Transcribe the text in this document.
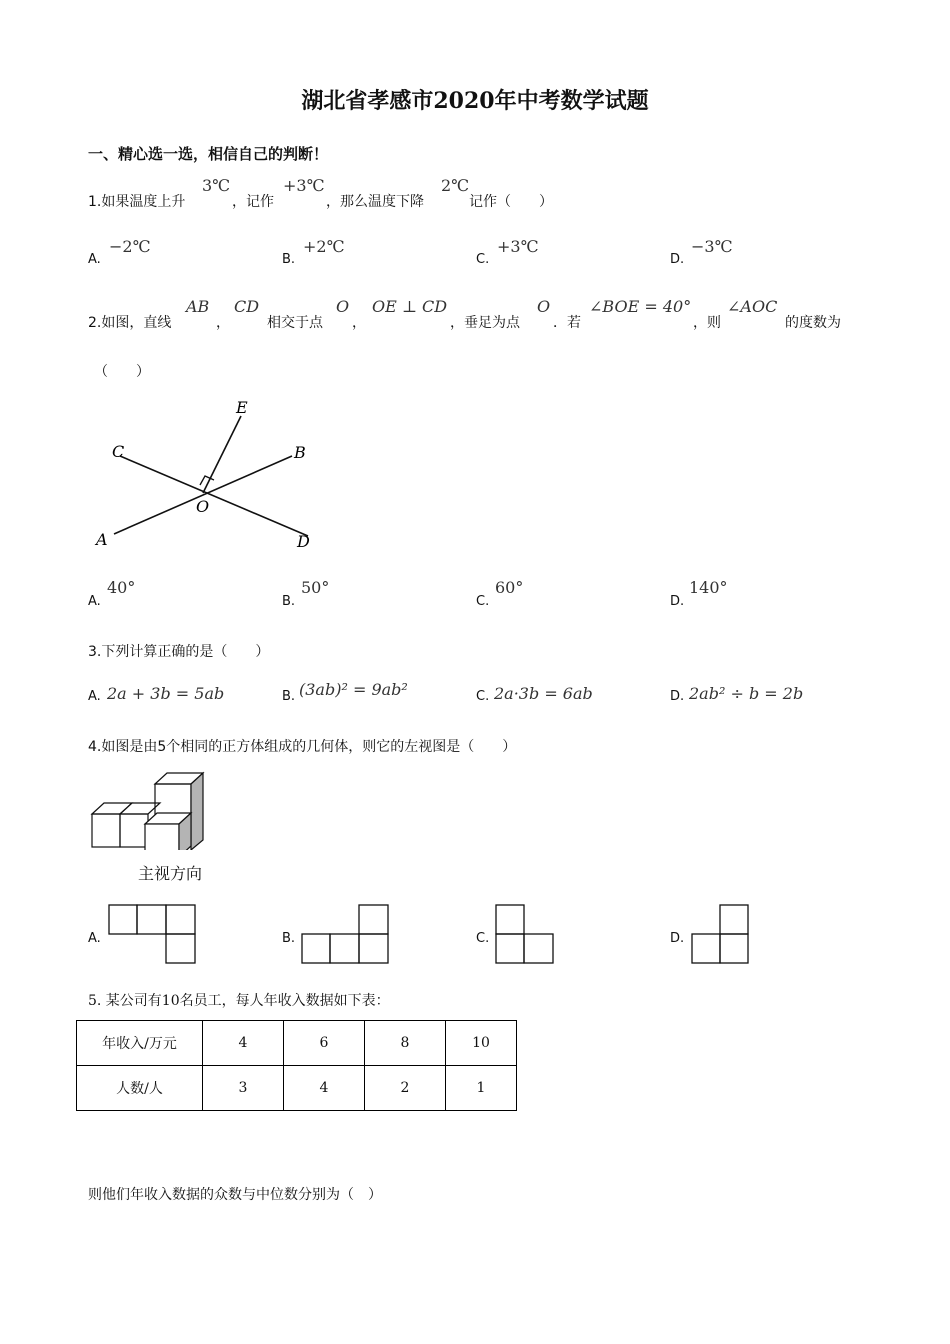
湖北省孝感市2020年中考数学试题
一、精心选一选，相信自己的判断！
1.如果温度上升
3℃
，记作
+3℃
，那么温度下降
2℃
记作（　　）
A.
−2℃
B.
+2℃
C.
+3℃
D.
−3℃
2.如图，直线
AB
，
CD
相交于点
O
，
OE ⊥ CD
，垂足为点
O
．若
∠BOE = 40°
，则
∠AOC
的度数为
（　　）
E
C	B
O
A	D
A.
40°
B.
50°
C.
60°
D.
140°
3.下列计算正确的是（　　）
A. 2a + 3b = 5ab	B. (3ab)² = 9ab²	C. 2a·3b = 6ab	D. 2ab² ÷ b = 2b
4.如图是由5个相同的正方体组成的几何体，则它的左视图是（　　）
主视方向
A.	B.	C.	D.
5. 某公司有10名员工，每人年收入数据如下表：
年收入/万元	4	6	8	10
人数/人	3	4	2	1
则他们年收入数据的众数与中位数分别为（　）
